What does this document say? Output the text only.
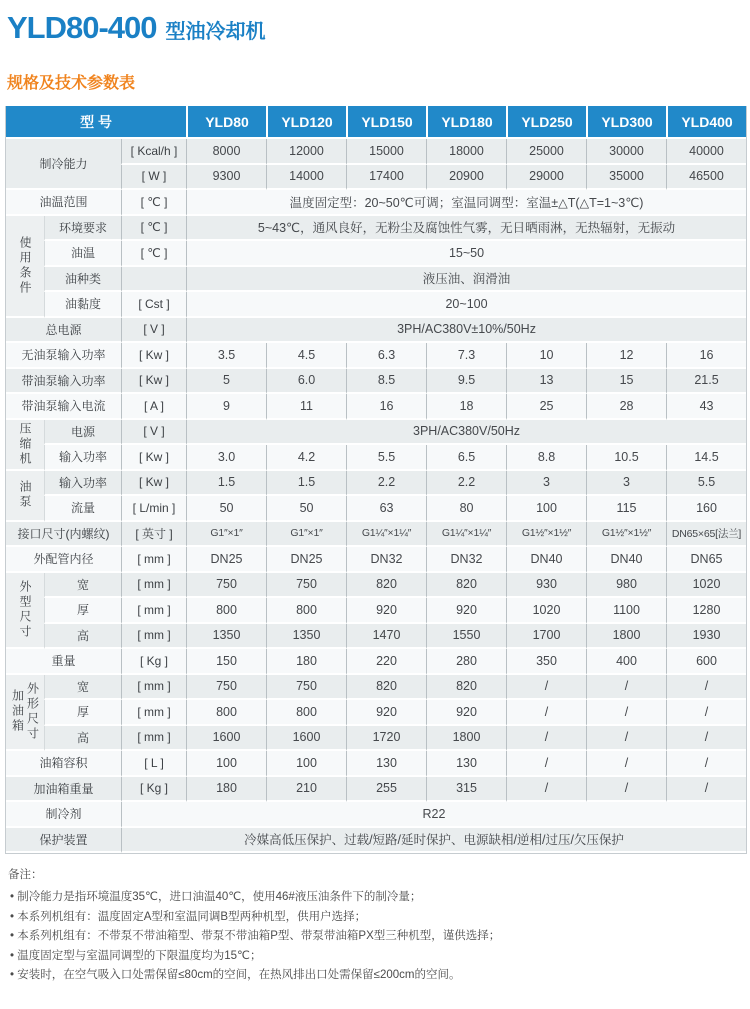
YLD80-400 型油冷却机
规格及技术参数表
型 号			YLD80	YLD120	YLD150	YLD180	YLD250	YLD300	YLD400
制冷能力		[ Kcal/h ]	8000	12000	15000	18000	25000	30000	40000
		[ W ]	9300	14000	17400	20900	29000	35000	46500
油温范围		[ ℃ ]	温度固定型：20~50℃可调；室温同调型：室温±△T(△T=1~3℃)						

使用条件	环境要求	[ ℃ ]	5~43℃，通风良好，无粉尘及腐蚀性气雾，无日晒雨淋，无热辐射，无振动						
	油温	[ ℃ ]	15~50						
	油种类		液压油、润滑油						
	油黏度	[ Cst ]	20~100						
总电源		[ V ]	3PH/AC380V±10%/50Hz						
无油泵输入功率		[ Kw ]	3.5	4.5	6.3	7.3	10	12	16
带油泵输入功率		[ Kw ]	5	6.0	8.5	9.5	13	15	21.5
带油泵输入电流		[ A ]	9	11	16	18	25	28	43

压缩机	电源	[ V ]	3PH/AC380V/50Hz						
	输入功率	[ Kw ]	3.0	4.2	5.5	6.5	8.8	10.5	14.5

油泵	输入功率	[ Kw ]	1.5	1.5	2.2	2.2	3	3	5.5
	流量	[ L/min ]	50	50	63	80	100	115	160
接口尺寸(内螺纹)		[ 英寸 ]	G1″×1″	G1″×1″	G1¼″×1¼″	G1¼″×1¼″	G1½″×1½″	G1½″×1½″	DN65×65[法兰]
外配管内径		[ mm ]	DN25	DN25	DN32	DN32	DN40	DN40	DN65

外型尺寸	宽	[ mm ]	750	750	820	820	930	980	1020
	厚	[ mm ]	800	800	920	920	1020	1100	1280
	高	[ mm ]	1350	1350	1470	1550	1700	1800	1930
重量		[ Kg ]	150	180	220	280	350	400	600

加油箱 外形尺寸	宽	[ mm ]	750	750	820	820	/	/	/
	厚	[ mm ]	800	800	920	920	/	/	/
	高	[ mm ]	1600	1600	1720	1800	/	/	/
油箱容积		[ L ]	100	100	130	130	/	/	/
加油箱重量		[ Kg ]	180	210	255	315	/	/	/
制冷剂		R22							
保护装置		冷媒高低压保护、过载/短路/延时保护、电源缺相/逆相/过压/欠压保护							
备注：
• 制冷能力是指环境温度35℃，进口油温40℃，使用46#液压油条件下的制冷量；
• 本系列机组有：温度固定A型和室温同调B型两种机型，供用户选择；
• 本系列机组有：不带泵不带油箱型、带泵不带油箱P型、带泵带油箱PX型三种机型，谨供选择；
• 温度固定型与室温同调型的下限温度均为15℃；
• 安装时，在空气吸入口处需保留≤80cm的空间，在热风排出口处需保留≤200cm的空间。
